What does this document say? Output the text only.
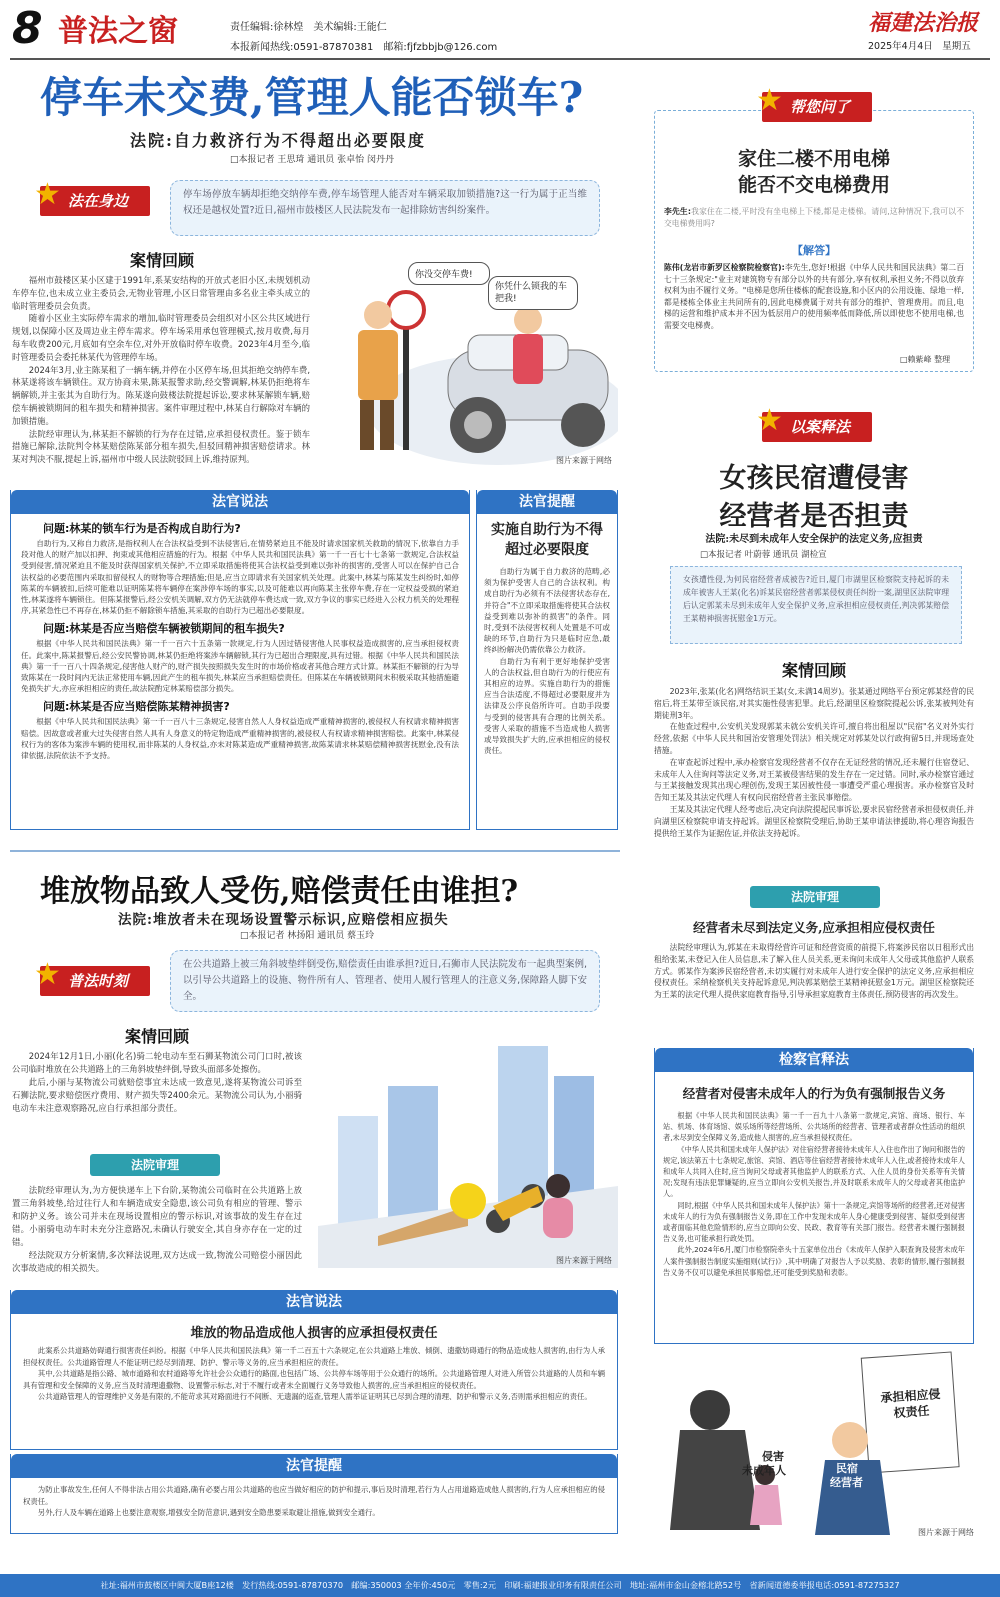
8 普法之窗	责任编辑:徐林煌　美术编辑:王能仁
本报新闻热线:0591-87870381　邮箱:fjfzbbjb@126.com
福建法治报
2025年4月4日　星期五
停车未交费,管理人能否锁车?
法院:自力救济行为不得超出必要限度
□本报记者 王思琦 通讯员 张卓怡 闵丹丹
★ 法在身边	停车场停放车辆却拒绝交纳停车费,停车场管理人能否对车辆采取加锁措施?这一行为属于正当维权还是越权处置?近日,福州市鼓楼区人民法院发布一起排除妨害纠纷案件。
案情回顾

福州市鼓楼区某小区建于1991年,系某安结构的开放式老旧小区,未规划机动车停车位,也未成立业主委员会,无物业管理,小区日常管理由多名业主牵头成立的临时管理委员会负责。

随着小区业主实际停车需求的增加,临时管理委员会组织对小区公共区域进行规划,以保障小区及周边业主停车需求。停车场采用承包管理模式,按月收费,每月每车收费200元,月底如有空余车位,对外开放临时停车收费。2023年4月至今,临时管理委员会委托林某代为管理停车场。

2024年3月,业主陈某租了一辆车辆,并停在小区停车场,但其拒绝交纳停车费,林某遂将该车辆锁住。双方协商未果,陈某报警求助,经交警调解,林某仍拒绝将车辆解锁,并主张其为自助行为。陈某遂向鼓楼法院提起诉讼,要求林某解锁车辆,赔偿车辆被锁期间的租车损失和精神损害。案件审理过程中,林某自行解除对车辆的加锁措施。

法院经审理认为,林某拒不解锁的行为存在过错,应承担侵权责任。鉴于锁车措施已解除,法院判令林某赔偿陈某部分租车损失,但驳回精神损害赔偿请求。林某对判决不服,提起上诉,福州市中级人民法院驳回上诉,维持原判。

你没交停车费!
你凭什么锁我的车把我!
图片来源于网络
法官说法
问题:林某的锁车行为是否构成自助行为?

自助行为,又称自力救济,是指权利人在合法权益受到不法侵害后,在情势紧迫且不能及时请求国家机关救助的情况下,依靠自力手段对他人的财产加以扣押、拘束或其他相应措施的行为。根据《中华人民共和国民法典》第一千一百七十七条第一款规定,合法权益受到侵害,情况紧迫且不能及时获得国家机关保护,不立即采取措施将使其合法权益受到难以弥补的损害的,受害人可以在保护自己合法权益的必要范围内采取扣留侵权人的财物等合理措施;但是,应当立即请求有关国家机关处理。此案中,林某与陈某发生纠纷时,如停陈某的车辆被扣,后续可能难以证明陈某将车辆停在案涉停车场的事实,以及可能难以再向陈某主张停车费,存在一定权益受损的紧迫性,林某遂将车辆锁住。但陈某报警后,经公安机关调解,双方仍无法就停车费达成一致,双方争议的事实已经进入公权力机关的处理程序,其紧急性已不再存在,林某仍拒不解除锁车措施,其采取的自助行为已超出必要限度。

问题:林某是否应当赔偿车辆被锁期间的租车损失?

根据《中华人民共和国民法典》第一千一百六十五条第一款规定,行为人因过错侵害他人民事权益造成损害的,应当承担侵权责任。此案中,陈某报警后,经公安民警协调,林某仍拒绝将案涉车辆解锁,其行为已超出合理限度,具有过错。根据《中华人民共和国民法典》第一千一百八十四条规定,侵害他人财产的,财产损失按照损失发生时的市场价格或者其他合理方式计算。林某拒不解锁的行为导致陈某在一段时间内无法正常使用车辆,因此产生的租车损失,林某应当承担赔偿责任。但陈某在车辆被锁期间未积极采取其他措施避免损失扩大,亦应承担相应的责任,故法院酌定林某赔偿部分损失。

问题:林某是否应当赔偿陈某精神损害?

根据《中华人民共和国民法典》第一千一百八十三条规定,侵害自然人人身权益造成严重精神损害的,被侵权人有权请求精神损害赔偿。因故意或者重大过失侵害自然人具有人身意义的特定物造成严重精神损害的,被侵权人有权请求精神损害赔偿。此案中,林某侵权行为的客体为案涉车辆的使用权,而非陈某的人身权益,亦未对陈某造成严重精神损害,故陈某请求林某赔偿精神损害抚慰金,没有法律依据,法院依法不予支持。

法官提醒
实施自助行为不得超过必要限度

自助行为属于自力救济的范畴,必须为保护受害人自己的合法权利。构成自助行为必须有不法侵害状态存在,并符合"不立即采取措施将使其合法权益受到难以弥补的损害"的条件。同时,受到不法侵害权利人处置是不可或缺的环节,自助行为只是临时应急,最终纠纷解决仍需依靠公力救济。

自助行为有利于更好地保护受害人的合法权益,但自助行为的行使应有其相应的边界。实施自助行为的措施应当合法适度,不得超过必要限度并为法律及公序良俗所许可。自助手段要与受到的侵害具有合理的比例关系。受害人采取的措施不当造成他人损害或导致损失扩大的,应承担相应的侵权责任。

堆放物品致人受伤,赔偿责任由谁担?
法院:堆放者未在现场设置警示标识,应赔偿相应损失
□本报记者 林扬阳 通讯员 蔡玉玲
★ 普法时刻
在公共道路上被三角斜坡垫绊倒受伤,赔偿责任由谁承担?近日,石狮市人民法院发布一起典型案例,以引导公共道路上的设施、物件所有人、管理者、使用人履行管理人的注意义务,保障路人脚下安全。
案情回顾

2024年12月1日,小丽(化名)骑二轮电动车至石狮某物流公司门口时,被该公司临时堆放在公共道路上的三角斜坡垫绊倒,导致头面部多处擦伤。

此后,小丽与某物流公司就赔偿事宜未达成一致意见,遂将某物流公司诉至石狮法院,要求赔偿医疗费用、财产损失等2400余元。某物流公司认为,小丽骑电动车未注意观察路况,应自行承担部分责任。

法院审理

法院经审理认为,为方便快递车上下台阶,某物流公司临时在公共道路上放置三角斜坡垫,给过往行人和车辆造成安全隐患,该公司负有相应的管理、警示和防护义务。该公司并未在现场设置相应的警示标识,对该事故的发生存在过错。小丽骑电动车时未充分注意路况,未确认行驶安全,其自身亦存在一定的过错。

经法院双方分析案情,多次释法说理,双方达成一致,物流公司赔偿小丽因此次事故造成的相关损失。

图片来源于网络
法官说法
堆放的物品造成他人损害的应承担侵权责任

此案系公共道路妨碍通行损害责任纠纷。根据《中华人民共和国民法典》第一千二百五十六条规定,在公共道路上堆放、倾倒、遗撒妨碍通行的物品造成他人损害的,由行为人承担侵权责任。公共道路管理人不能证明已经尽到清理、防护、警示等义务的,应当承担相应的责任。

其中,公共道路是指公路、城市道路和农村道路等允许社会公众通行的路面,也包括广场、公共停车场等用于公众通行的场所。公共道路管理人对进入所管公共道路的人员和车辆具有管理和安全保障的义务,应当及时清理遗撒物、设置警示标志,对于不履行或者未全面履行义务导致他人损害的,应当承担相应的侵权责任。

公共道路管理人的管理维护义务是有限的,不能苛求其对路面进行不间断、无遗漏的巡查,管理人需举证证明其已尽到合理的清理、防护和警示义务,否则需承担相应的责任。

法官提醒

为防止事故发生,任何人不得非法占用公共道路,确有必要占用公共道路的也应当做好相应的防护和提示,事后及时清理,若行为人占用道路造成他人损害的,行为人应承担相应的侵权责任。

另外,行人及车辆在道路上也要注意观察,增强安全防范意识,遇到安全隐患要采取避让措施,做到安全通行。

★ 帮您问了
家住二楼不用电梯
能否不交电梯费用
李先生:我家住在二楼,平时没有坐电梯上下楼,都是走楼梯。请问,这种情况下,我可以不交电梯费用吗?
【解答】
陈伟(龙岩市新罗区检察院检察官):李先生,您好!根据《中华人民共和国民法典》第二百七十三条规定:"业主对建筑物专有部分以外的共有部分,享有权利,承担义务;不得以放弃权利为由不履行义务。"电梯是您所住楼栋的配套设施,和小区内的公用设施、绿地一样,都是楼栋全体业主共同所有的,因此电梯费属于对共有部分的维护、管理费用。而且,电梯的运营和维护成本并不因为低层用户的使用频率低而降低,所以即使您不使用电梯,也需要交电梯费。
□赖紫峰 整理
★ 以案释法
女孩民宿遭侵害
经营者是否担责
法院:未尽到未成年人安全保护的法定义务,应担责
□本报记者 叶蔚蓉 通讯员 湖检宣
女孩遭性侵,为何民宿经营者成被告?近日,厦门市湖里区检察院支持起诉的未成年被害人王某(化名)诉某民宿经营者郭某侵权责任纠纷一案,湖里区法院审理后认定郭某未尽到未成年人安全保护义务,应承担相应侵权责任,判决郭某赔偿王某精神损害抚慰金1万元。
案情回顾

2023年,张某(化名)网络结识王某(女,未满14周岁)。张某通过网络平台预定郭某经营的民宿后,将王某带至该民宿,对其实施性侵害犯罪。此后,经湖里区检察院提起公诉,张某被判处有期徒刑3年。

在他查过程中,公安机关发现郭某未就公安机关许可,擅自将出租屋以"民宿"名义对外实行经营,依据《中华人民共和国治安管理处罚法》相关规定对郭某处以行政拘留5日,并现场查处措施。

在审查起诉过程中,承办检察官发现经营者不仅存在无证经营的情况,还未履行住宿登记、未成年人入住询问等法定义务,对王某被侵害结果的发生存在一定过错。同时,承办检察官通过与王某接触发现其出现心理创伤,发现王某因被性侵一事遭受严重心理损害。承办检察官及时告知王某及其法定代理人有权向民宿经营者主张民事赔偿。

王某及其法定代理人经考虑后,决定向法院提起民事诉讼,要求民宿经营者承担侵权责任,并向湖里区检察院申请支持起诉。湖里区检察院受理后,协助王某申请法律援助,将心理咨询报告提供给王某作为证据佐证,并依法支持起诉。

法院审理
经营者未尽到法定义务,应承担相应侵权责任
法院经审理认为,郭某在未取得经营许可证和经营资质的前提下,将案涉民宿以日租形式出租给张某,未登记入住人员信息,未了解入住人员关系,更未询问未成年人父母或其他监护人联系方式。郭某作为案涉民宿经营者,未切实履行对未成年人进行安全保护的法定义务,应承担相应侵权责任。采纳检察机关支持起诉意见,判决郭某赔偿王某精神抚慰金1万元。湖里区检察院还为王某的法定代理人提供家庭教育指导,引导承担家庭教育主体责任,预防侵害的再次发生。
检察官释法
经营者对侵害未成年人的行为负有强制报告义务

根据《中华人民共和国民法典》第一千一百九十八条第一款规定,宾馆、商场、银行、车站、机场、体育场馆、娱乐场所等经营场所、公共场所的经营者、管理者或者群众性活动的组织者,未尽到安全保障义务,造成他人损害的,应当承担侵权责任。

《中华人民共和国未成年人保护法》对住宿经营者接待未成年人入住也作出了询问和报告的规定,该法第五十七条规定,旅馆、宾馆、酒店等住宿经营者接待未成年人入住,或者接待未成年人和成年人共同入住时,应当询问父母或者其他监护人的联系方式、入住人员的身份关系等有关情况;发现有违法犯罪嫌疑的,应当立即向公安机关报告,并及时联系未成年人的父母或者其他监护人。

同时,根据《中华人民共和国未成年人保护法》第十一条规定,宾馆等场所的经营者,还对侵害未成年人的行为负有强制报告义务,即在工作中发现未成年人身心健康受到侵害、疑似受到侵害或者面临其他危险情形的,应当立即向公安、民政、教育等有关部门报告。经营者未履行强制报告义务,也可能承担行政处罚。

此外,2024年6月,厦门市检察院牵头十五家单位出台《未成年人保护入职查询及侵害未成年人案件强制报告制度实施细则(试行)》,其中明确了对报告人予以奖励、表彰的情形,履行强制报告义务不仅可以避免承担民事赔偿,还可能受到奖励和表彰。

承担相应侵权责任
侵害
未成年人	民宿
经营者
图片来源于网络
社址:福州市鼓楼区中闽大厦B座12楼　发行热线:0591-87870370　邮编:350003 全年价:450元　零售:2元　印刷:福建报业印务有限责任公司　地址:福州市金山金榕北路52号　省新闻道德委举报电话:0591-87275327
